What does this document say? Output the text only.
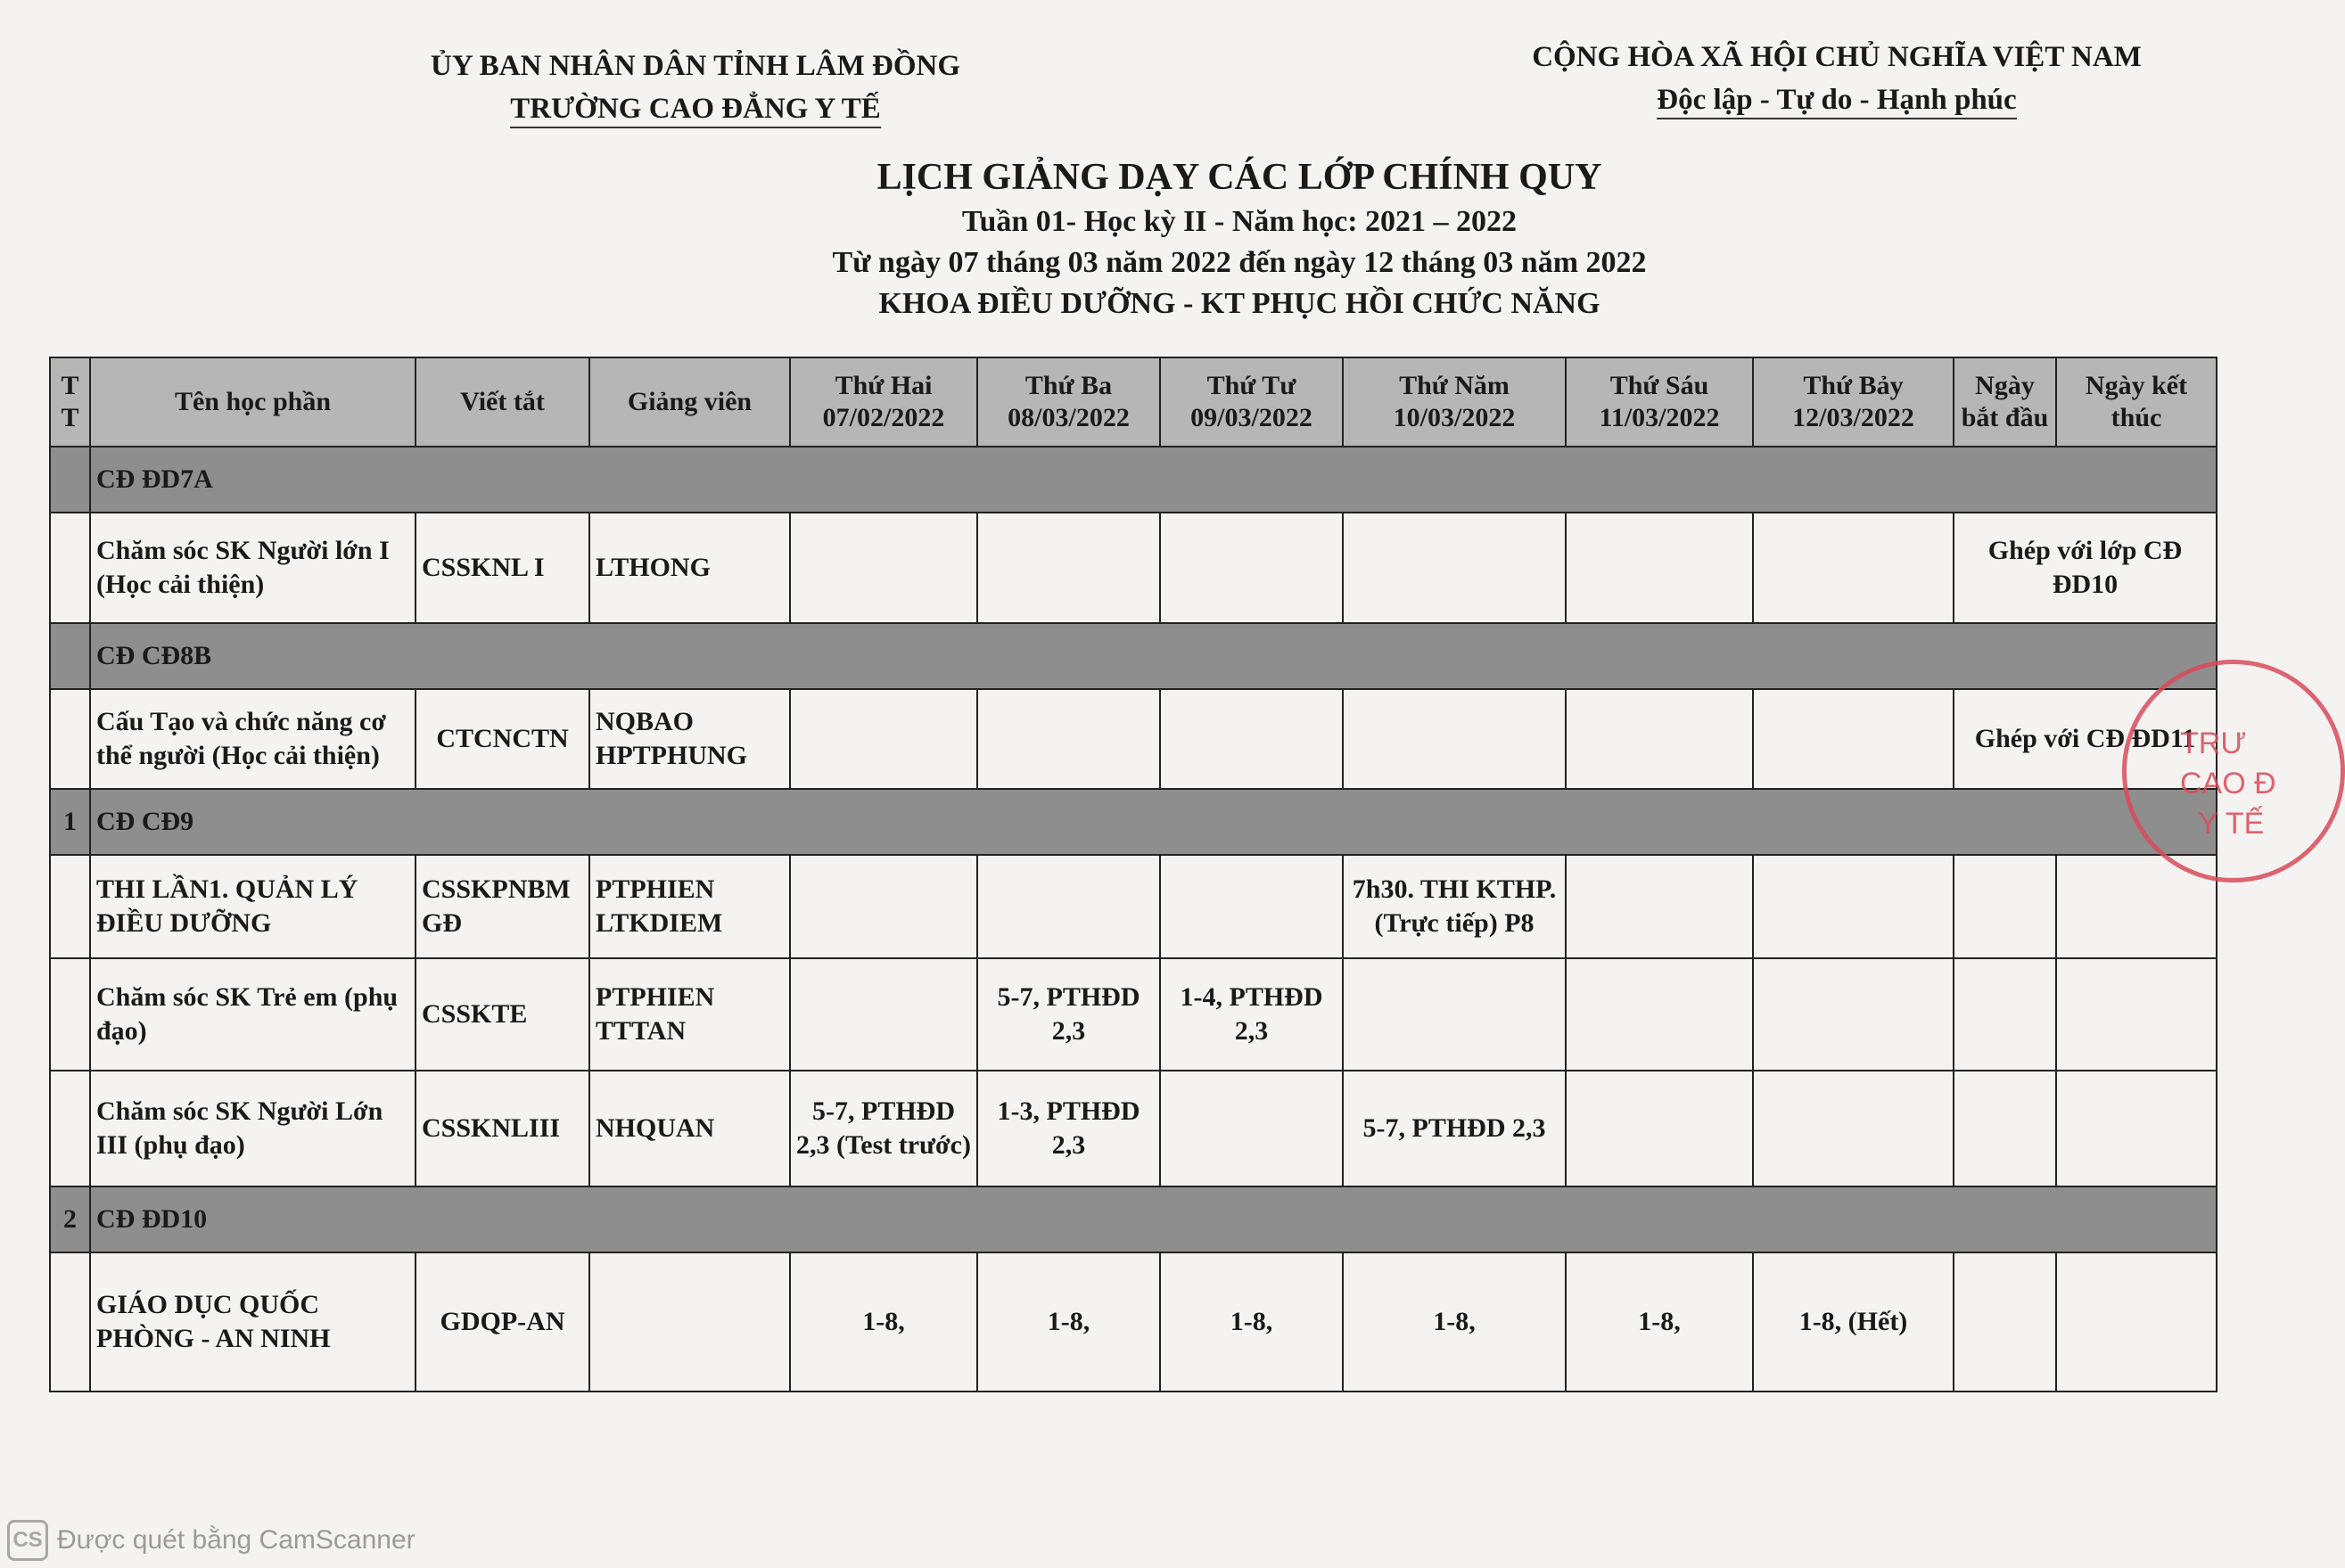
ỦY BAN NHÂN DÂN TỈNH LÂM ĐỒNG
TRƯỜNG CAO ĐẲNG Y TẾ
CỘNG HÒA XÃ HỘI CHỦ NGHĨA VIỆT NAM
Độc lập - Tự do - Hạnh phúc
LỊCH GIẢNG DẠY CÁC LỚP CHÍNH QUY
Tuần 01- Học kỳ II - Năm học: 2021 – 2022
Từ ngày 07 tháng 03 năm 2022 đến ngày 12 tháng 03 năm 2022
KHOA ĐIỀU DƯỠNG - KT PHỤC HỒI CHỨC NĂNG
T T	Tên học phần	Viết tắt	Giảng viên	Thứ Hai 07/02/2022	Thứ Ba 08/03/2022	Thứ Tư 09/03/2022	Thứ Năm 10/03/2022	Thứ Sáu 11/03/2022	Thứ Bảy 12/03/2022	Ngày bắt đầu	Ngày kết thúc
	CĐ ĐD7A										
	Chăm sóc SK Người lớn I (Học cải thiện)	CSSKNL I	LTHONG							Ghép với lớp CĐ ĐD10	
	CĐ CĐ8B										
	Cấu Tạo và chức năng cơ thể người (Học cải thiện)	CTCNCTN	NQBAO HPTPHUNG							Ghép với CĐ ĐD11	
1	CĐ CĐ9										
	THI LẦN1. QUẢN LÝ ĐIỀU DƯỠNG	CSSKPNBMGĐ	PTPHIEN LTKDIEM				7h30. THI KTHP. (Trực tiếp) P8				
	Chăm sóc SK Trẻ em (phụ đạo)	CSSKTE	PTPHIEN TTTAN		5-7, PTHĐD 2,3	1-4, PTHĐD 2,3					
	Chăm sóc SK Người Lớn III (phụ đạo)	CSSKNLIII	NHQUAN	5-7, PTHĐD 2,3 (Test trước)	1-3, PTHĐD 2,3		5-7, PTHĐD 2,3				
2	CĐ ĐD10										
	GIÁO DỤC QUỐC PHÒNG - AN NINH	GDQP-AN		1-8,	1-8,	1-8,	1-8,	1-8,	1-8, (Hết)		
TRƯ
CAO Đ
Y TẾ
CS Được quét bằng CamScanner
